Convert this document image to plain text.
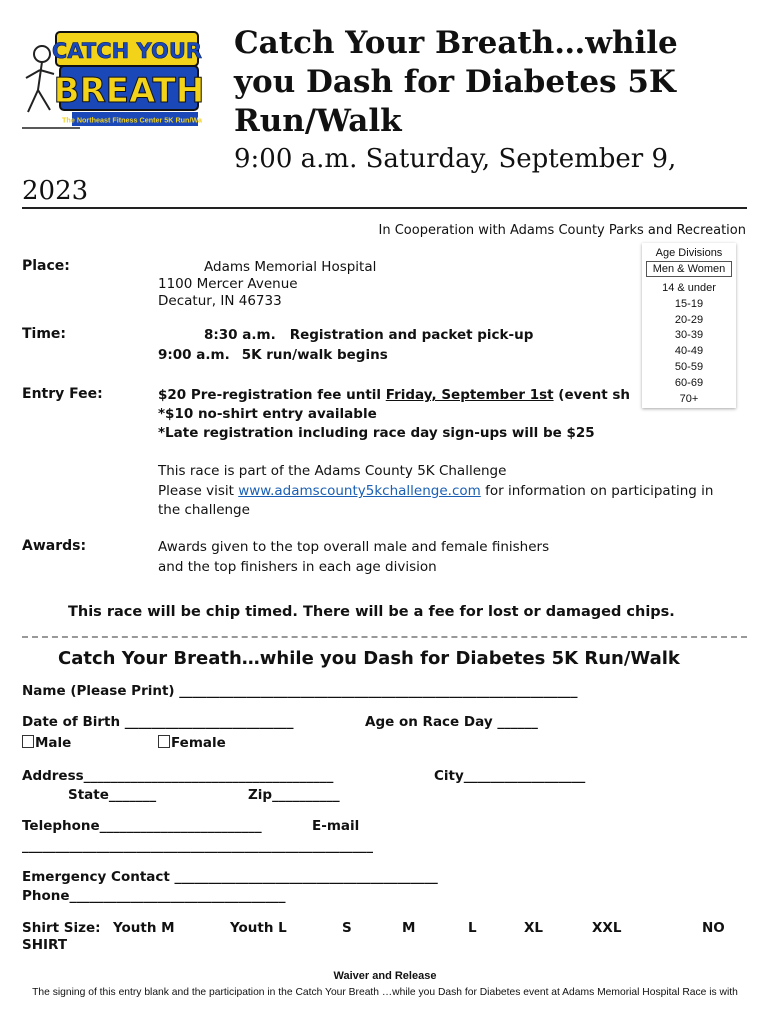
CATCH YOUR
BREATH
The Northeast Fitness Center 5K Run/Walk
Catch Your Breath…while you Dash for Diabetes 5K Run/Walk
9:00 a.m. Saturday, September 9,
2023
In Cooperation with Adams County Parks and Recreation
Age Divisions
Men & Women
14 & under
15-19
20-29
30-39
40-49
50-59
60-69
70+
Place:	Adams Memorial Hospital
1100 Mercer Avenue
Decatur, IN 46733
Time:	8:30 a.m. Registration and packet pick-up
9:00 a.m. 5K run/walk begins
Entry Fee:	$20 Pre-registration fee until Friday, September 1st (event sh
*$10 no-shirt entry available
*Late registration including race day sign-ups will be $25
This race is part of the Adams County 5K Challenge
Please visit www.adamscounty5kchallenge.com for information on participating in
the challenge
Awards:	Awards given to the top overall male and female finishers
and the top finishers in each age division
This race will be chip timed. There will be a fee for lost or damaged chips.
Catch Your Breath…while you Dash for Diabetes 5K Run/Walk
Name (Please Print) ___________________________________________________________
Date of Birth _________________________	Age on Race Day ______
Male	Female
Address_____________________________________	City__________________
State_______	Zip__________
Telephone________________________	E-mail
____________________________________________________
Emergency Contact _______________________________________
Phone________________________________
Shirt Size: Youth M	Youth L	S	M	L	XL	XXL	NO
SHIRT
Waiver and Release
The signing of this entry blank and the participation in the Catch Your Breath …while you Dash for Diabetes event at Adams Memorial Hospital Race is with
